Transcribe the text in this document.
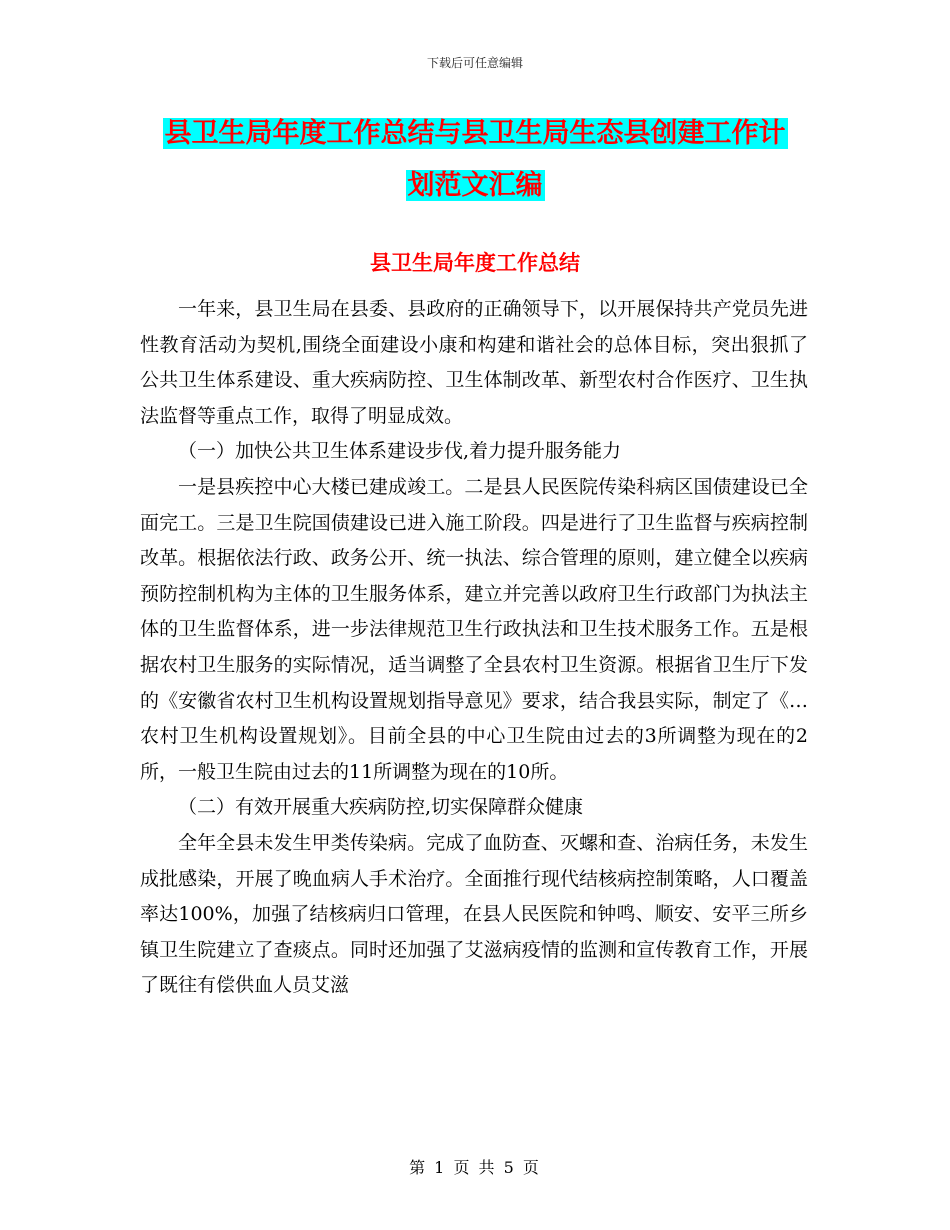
下载后可任意编辑
县卫生局年度工作总结与县卫生局生态县创建工作计
划范文汇编
县卫生局年度工作总结

一年来，县卫生局在县委、县政府的正确领导下，以开展保持共产党员先进性教育活动为契机,围绕全面建设小康和构建和谐社会的总体目标，突出狠抓了公共卫生体系建设、重大疾病防控、卫生体制改革、新型农村合作医疗、卫生执法监督等重点工作，取得了明显成效。

（一）加快公共卫生体系建设步伐,着力提升服务能力

一是县疾控中心大楼已建成竣工。二是县人民医院传染科病区国债建设已全面完工。三是卫生院国债建设已进入施工阶段。四是进行了卫生监督与疾病控制改革。根据依法行政、政务公开、统一执法、综合管理的原则，建立健全以疾病预防控制机构为主体的卫生服务体系，建立并完善以政府卫生行政部门为执法主体的卫生监督体系，进一步法律规范卫生行政执法和卫生技术服务工作。五是根据农村卫生服务的实际情况，适当调整了全县农村卫生资源。根据省卫生厅下发的《安徽省农村卫生机构设置规划指导意见》要求，结合我县实际，制定了《…农村卫生机构设置规划》。目前全县的中心卫生院由过去的3所调整为现在的2所，一般卫生院由过去的11所调整为现在的10所。

（二）有效开展重大疾病防控,切实保障群众健康

全年全县未发生甲类传染病。完成了血防查、灭螺和查、治病任务，未发生成批感染，开展了晚血病人手术治疗。全面推行现代结核病控制策略，人口覆盖率达100%，加强了结核病归口管理，在县人民医院和钟鸣、顺安、安平三所乡镇卫生院建立了查痰点。同时还加强了艾滋病疫情的监测和宣传教育工作，开展了既往有偿供血人员艾滋

第 1 页 共 5 页
